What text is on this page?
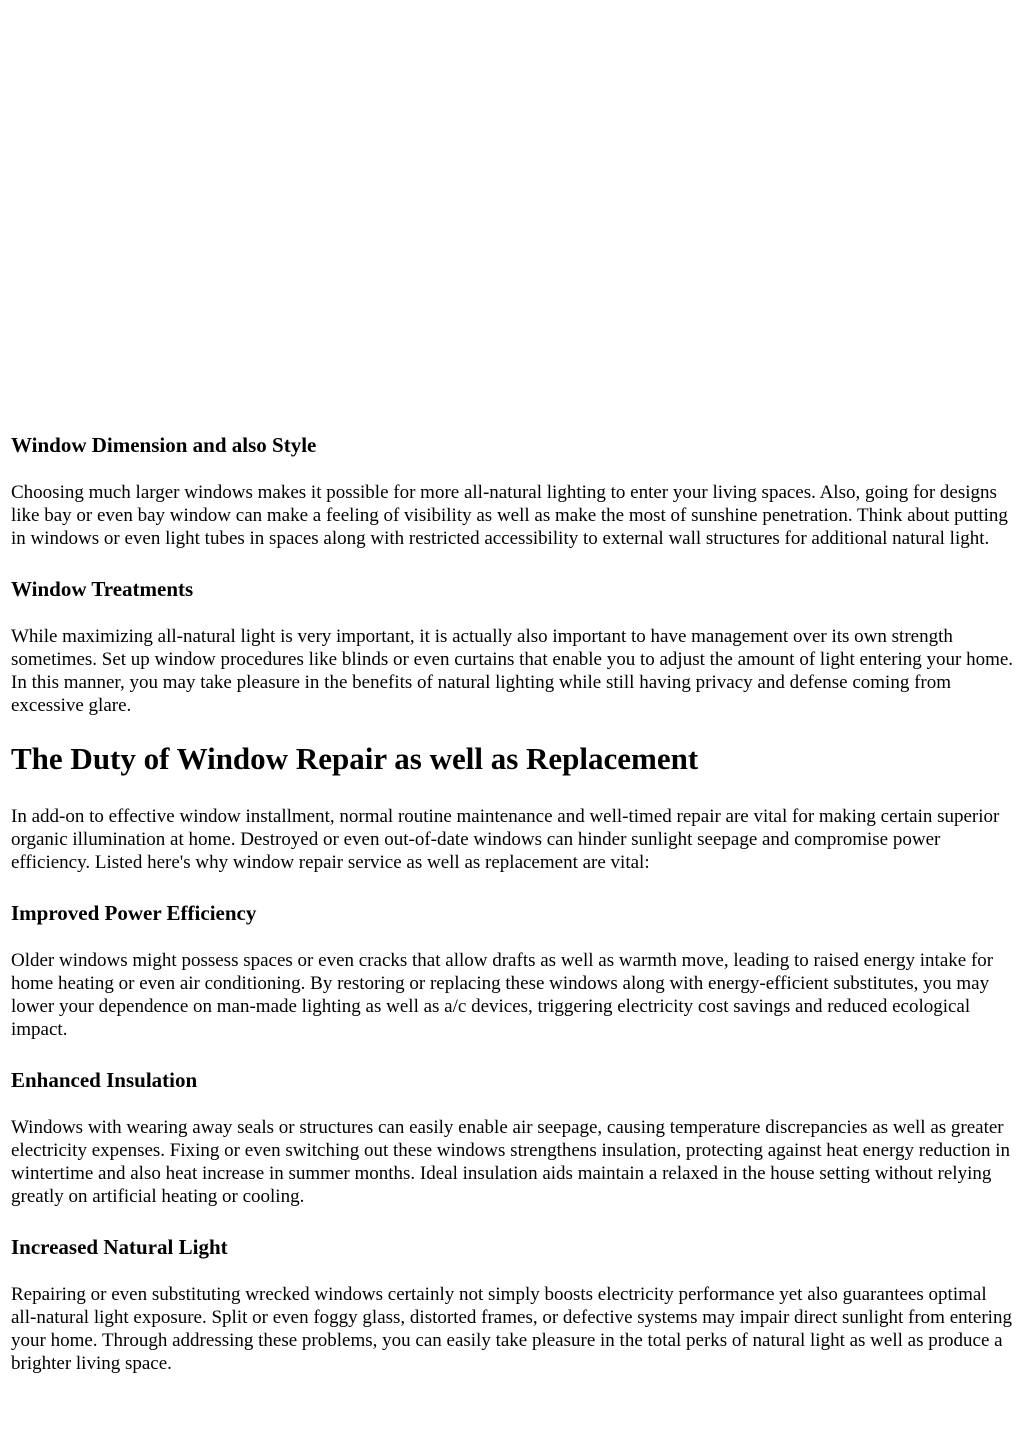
Window Dimension and also Style

Choosing much larger windows makes it possible for more all-natural lighting to enter your living spaces. Also, going for designs like bay or even bay window can make a feeling of visibility as well as make the most of sunshine penetration. Think about putting in windows or even light tubes in spaces along with restricted accessibility to external wall structures for additional natural light.

Window Treatments

While maximizing all-natural light is very important, it is actually also important to have management over its own strength sometimes. Set up window procedures like blinds or even curtains that enable you to adjust the amount of light entering your home. In this manner, you may take pleasure in the benefits of natural lighting while still having privacy and defense coming from excessive glare.

The Duty of Window Repair as well as Replacement

In add-on to effective window installment, normal routine maintenance and well-timed repair are vital for making certain superior organic illumination at home. Destroyed or even out-of-date windows can hinder sunlight seepage and compromise power efficiency. Listed here's why window repair service as well as replacement are vital:

Improved Power Efficiency

Older windows might possess spaces or even cracks that allow drafts as well as warmth move, leading to raised energy intake for home heating or even air conditioning. By restoring or replacing these windows along with energy-efficient substitutes, you may lower your dependence on man-made lighting as well as a/c devices, triggering electricity cost savings and reduced ecological impact.

Enhanced Insulation

Windows with wearing away seals or structures can easily enable air seepage, causing temperature discrepancies as well as greater electricity expenses. Fixing or even switching out these windows strengthens insulation, protecting against heat energy reduction in wintertime and also heat increase in summer months. Ideal insulation aids maintain a relaxed in the house setting without relying greatly on artificial heating or cooling.

Increased Natural Light

Repairing or even substituting wrecked windows certainly not simply boosts electricity performance yet also guarantees optimal all-natural light exposure. Split or even foggy glass, distorted frames, or defective systems may impair direct sunlight from entering your home. Through addressing these problems, you can easily take pleasure in the total perks of natural light as well as produce a brighter living space.
